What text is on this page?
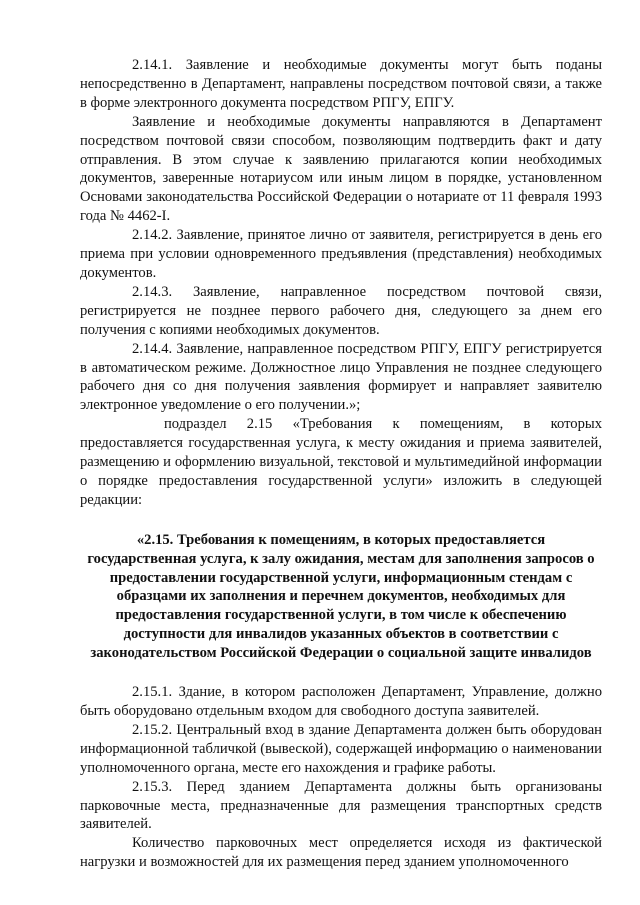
2.14.1. Заявление и необходимые документы могут быть поданы непосредственно в Департамент, направлены посредством почтовой связи, а также в форме электронного документа посредством РПГУ, ЕПГУ.

Заявление и необходимые документы направляются в Департамент посредством почтовой связи способом, позволяющим подтвердить факт и дату отправления. В этом случае к заявлению прилагаются копии необходимых документов, заверенные нотариусом или иным лицом в порядке, установленном Основами законодательства Российской Федерации о нотариате от 11 февраля 1993 года № 4462-I.

2.14.2. Заявление, принятое лично от заявителя, регистрируется в день его приема при условии одновременного предъявления (представления) необходимых документов.

2.14.3. Заявление, направленное посредством почтовой связи, регистрируется не позднее первого рабочего дня, следующего за днем его получения с копиями необходимых документов.

2.14.4. Заявление, направленное посредством РПГУ, ЕПГУ регистрируется в автоматическом режиме. Должностное лицо Управления не позднее следующего рабочего дня со дня получения заявления формирует и направляет заявителю электронное уведомление о его получении.»;

подраздел 2.15 «Требования к помещениям, в которых предоставляется государственная услуга, к месту ожидания и приема заявителей, размещению и оформлению визуальной, текстовой и мультимедийной информации о порядке предоставления государственной услуги» изложить в следующей редакции:

«2.15. Требования к помещениям, в которых предоставляется государственная услуга, к залу ожидания, местам для заполнения запросов о предоставлении государственной услуги, информационным стендам с образцами их заполнения и перечнем документов, необходимых для предоставления государственной услуги, в том числе к обеспечению доступности для инвалидов указанных объектов в соответствии с законодательством Российской Федерации о социальной защите инвалидов

2.15.1. Здание, в котором расположен Департамент, Управление, должно быть оборудовано отдельным входом для свободного доступа заявителей.

2.15.2. Центральный вход в здание Департамента должен быть оборудован информационной табличкой (вывеской), содержащей информацию о наименовании уполномоченного органа, месте его нахождения и графике работы.

2.15.3. Перед зданием Департамента должны быть организованы парковочные места, предназначенные для размещения транспортных средств заявителей.

Количество парковочных мест определяется исходя из фактической нагрузки и возможностей для их размещения перед зданием уполномоченного
